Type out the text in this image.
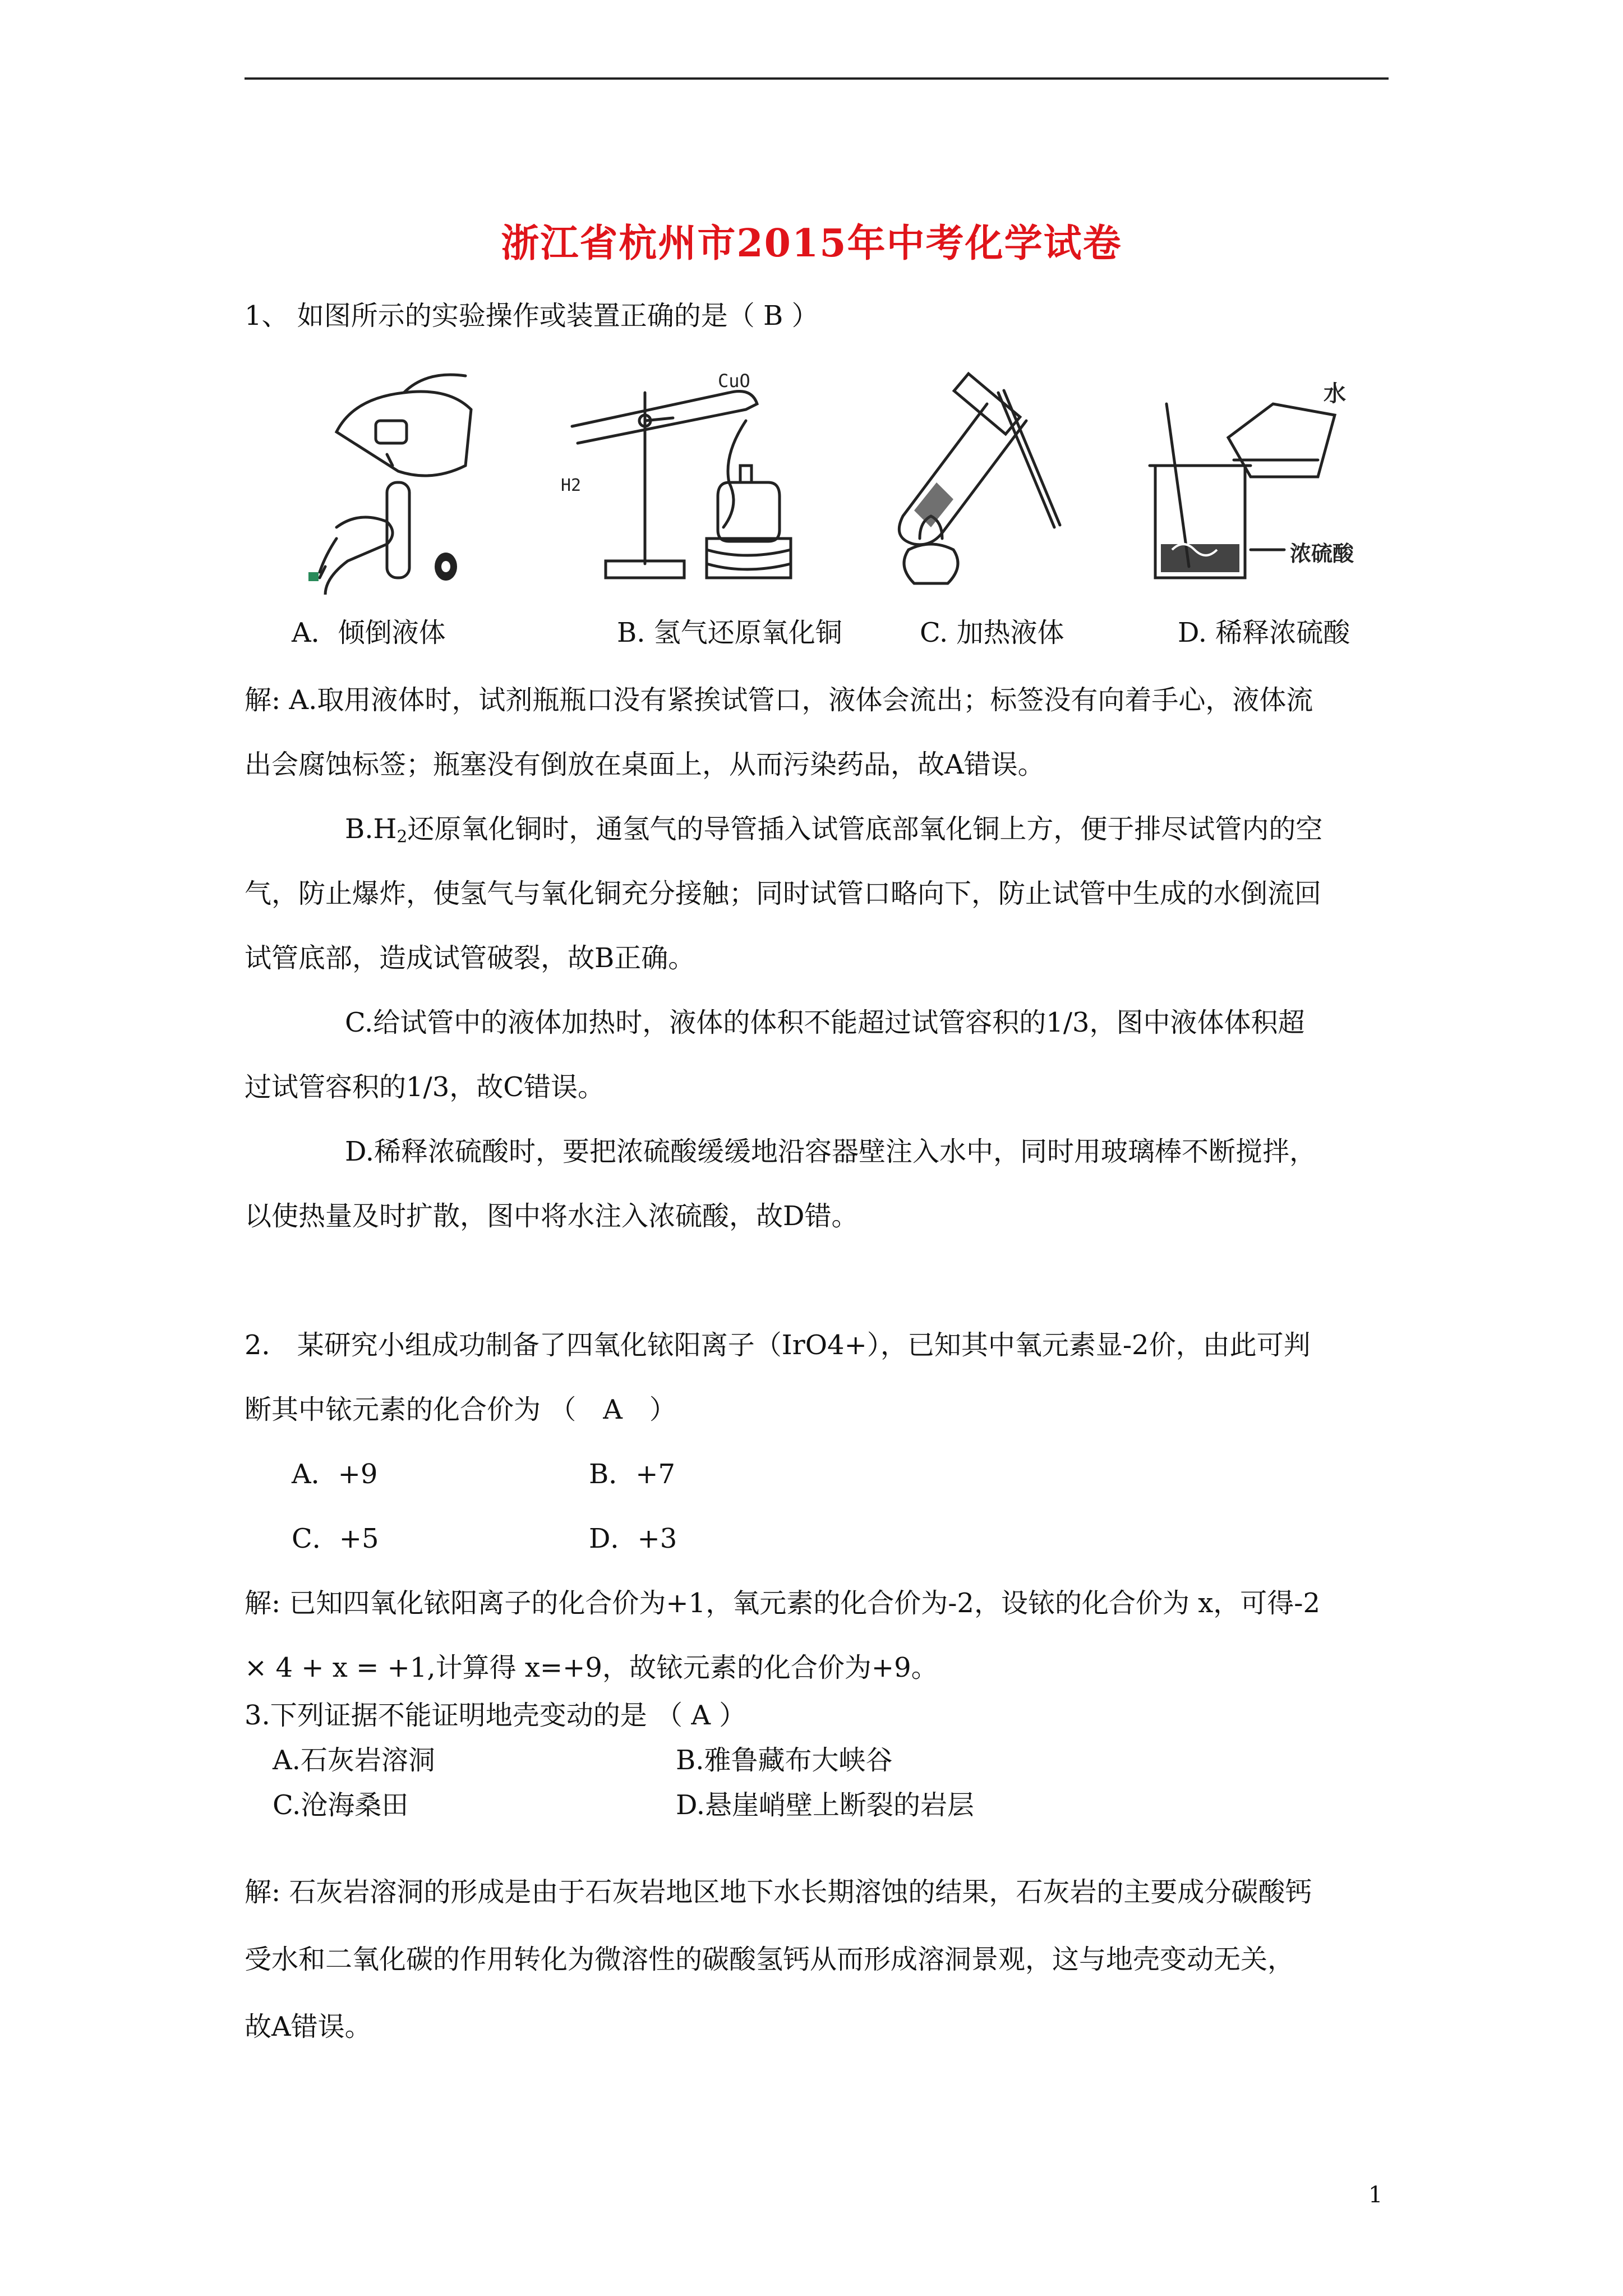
浙江省杭州市2015年中考化学试卷
1、 如图所示的实验操作或装置正确的是（ B ）
CuO
H2
水
浓硫酸
A．倾倒液体	B. 氢气还原氧化铜	C. 加热液体	D. 稀释浓硫酸
解: A.取用液体时，试剂瓶瓶口没有紧挨试管口，液体会流出；标签没有向着手心，液体流
出会腐蚀标签；瓶塞没有倒放在桌面上，从而污染药品，故A错误。
$B.H_2$还原氧化铜时，通氢气的导管插入试管底部氧化铜上方，便于排尽试管内的空
气，防止爆炸，使氢气与氧化铜充分接触；同时试管口略向下，防止试管中生成的水倒流回
试管底部，造成试管破裂，故B正确。
C.给试管中的液体加热时，液体的体积不能超过试管容积的1/3，图中液体体积超
过试管容积的1/3，故C错误。
D.稀释浓硫酸时，要把浓硫酸缓缓地沿容器壁注入水中，同时用玻璃棒不断搅拌，
以使热量及时扩散，图中将水注入浓硫酸，故D错。
2． 某研究小组成功制备了四氧化铱阳离子（IrO4+），已知其中氧元素显-2价，由此可判
断其中铱元素的化合价为 （　A　）
A．+9	B．+7
C．+5	D．+3
解: 已知四氧化铱阳离子的化合价为+1，氧元素的化合价为-2，设铱的化合价为 x，可得-2
× 4 + x = +1,计算得 x=+9，故铱元素的化合价为+9。
3.下列证据不能证明地壳变动的是 （ A ）
A.石灰岩溶洞	B.雅鲁藏布大峡谷
C.沧海桑田	D.悬崖峭壁上断裂的岩层
解: 石灰岩溶洞的形成是由于石灰岩地区地下水长期溶蚀的结果，石灰岩的主要成分碳酸钙
受水和二氧化碳的作用转化为微溶性的碳酸氢钙从而形成溶洞景观，这与地壳变动无关，
故A错误。
1
